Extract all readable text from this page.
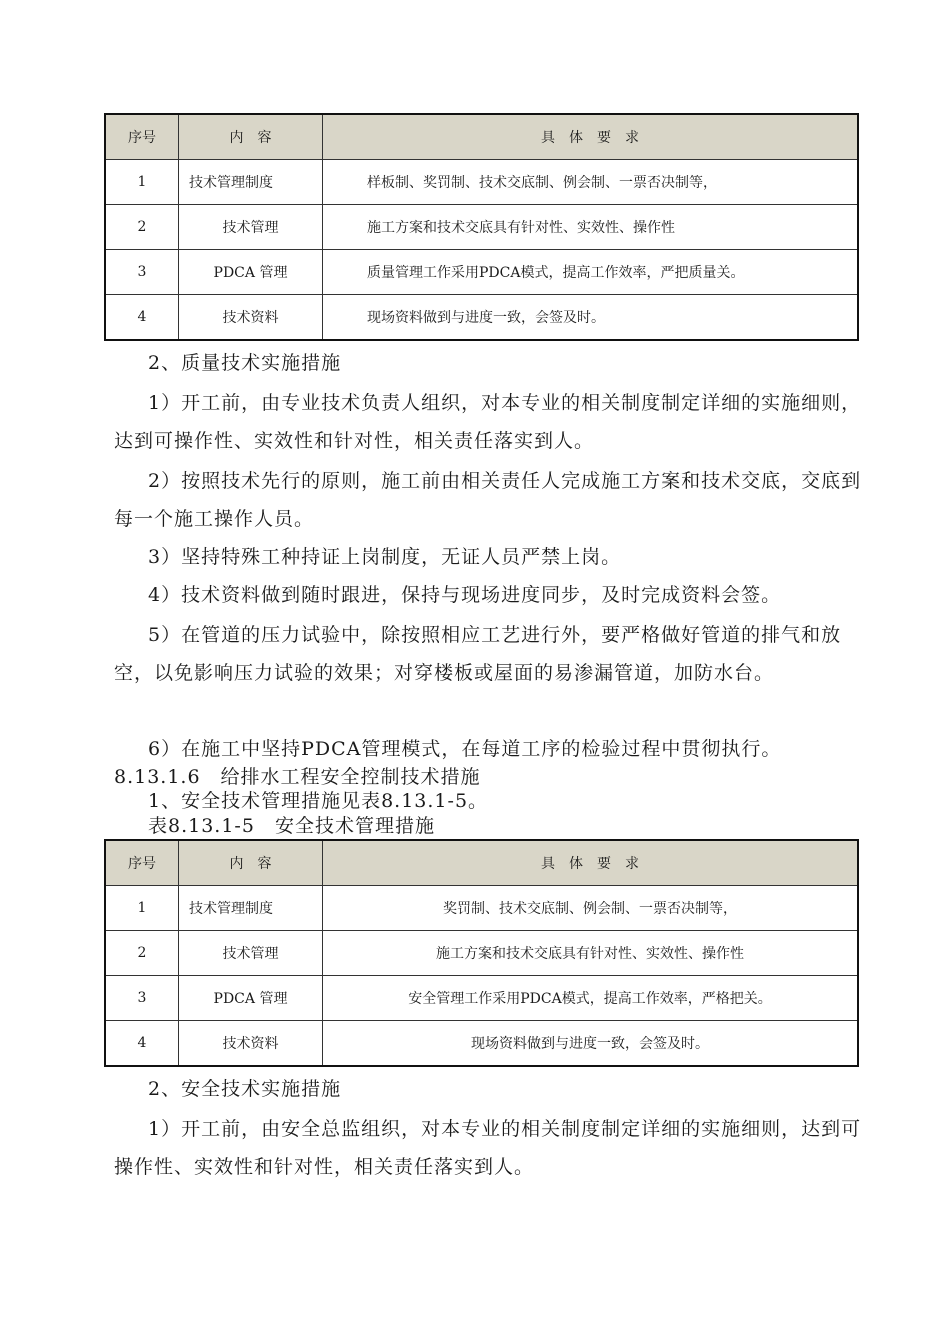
序号	内　容	具　体　要　求
1	技术管理制度	样板制、奖罚制、技术交底制、例会制、一票否决制等，
2	技术管理	施工方案和技术交底具有针对性、实效性、操作性
3	PDCA 管理	质量管理工作采用PDCA模式，提高工作效率，严把质量关。
4	技术资料	现场资料做到与进度一致，会签及时。

2、质量技术实施措施

1）开工前，由专业技术负责人组织，对本专业的相关制度制定详细的实施细则，达到可操作性、实效性和针对性，相关责任落实到人。

2）按照技术先行的原则，施工前由相关责任人完成施工方案和技术交底，交底到每一个施工操作人员。

3）坚持特殊工种持证上岗制度，无证人员严禁上岗。

4）技术资料做到随时跟进，保持与现场进度同步，及时完成资料会签。

5）在管道的压力试验中，除按照相应工艺进行外，要严格做好管道的排气和放空，以免影响压力试验的效果；对穿楼板或屋面的易渗漏管道，加防水台。

6）在施工中坚持PDCA管理模式，在每道工序的检验过程中贯彻执行。

8.13.1.6　给排水工程安全控制技术措施

1、安全技术管理措施见表8.13.1-5。

表8.13.1-5　安全技术管理措施

序号	内　容	具　体　要　求
1	技术管理制度	奖罚制、技术交底制、例会制、一票否决制等，
2	技术管理	施工方案和技术交底具有针对性、实效性、操作性
3	PDCA 管理	安全管理工作采用PDCA模式，提高工作效率，严格把关。
4	技术资料	现场资料做到与进度一致，会签及时。

2、安全技术实施措施

1）开工前，由安全总监组织，对本专业的相关制度制定详细的实施细则，达到可操作性、实效性和针对性，相关责任落实到人。
